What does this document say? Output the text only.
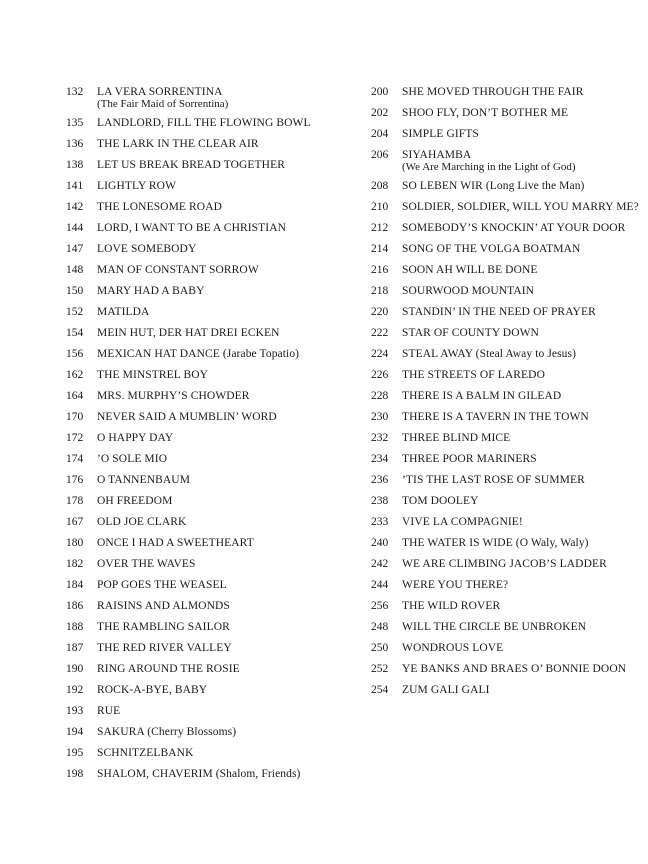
132	LA VERA SORRENTINA
(The Fair Maid of Sorrentina)
135	LANDLORD, FILL THE FLOWING BOWL
136	THE LARK IN THE CLEAR AIR
138	LET US BREAK BREAD TOGETHER
141	LIGHTLY ROW
142	THE LONESOME ROAD
144	LORD, I WANT TO BE A CHRISTIAN
147	LOVE SOMEBODY
148	MAN OF CONSTANT SORROW
150	MARY HAD A BABY
152	MATILDA
154	MEIN HUT, DER HAT DREI ECKEN
156	MEXICAN HAT DANCE (Jarabe Topatio)
162	THE MINSTREL BOY
164	MRS. MURPHY’S CHOWDER
170	NEVER SAID A MUMBLIN’ WORD
172	O HAPPY DAY
174	’O SOLE MIO
176	O TANNENBAUM
178	OH FREEDOM
167	OLD JOE CLARK
180	ONCE I HAD A SWEETHEART
182	OVER THE WAVES
184	POP GOES THE WEASEL
186	RAISINS AND ALMONDS
188	THE RAMBLING SAILOR
187	THE RED RIVER VALLEY
190	RING AROUND THE ROSIE
192	ROCK-A-BYE, BABY
193	RUE
194	SAKURA (Cherry Blossoms)
195	SCHNITZELBANK
198	SHALOM, CHAVERIM (Shalom, Friends)
200	SHE MOVED THROUGH THE FAIR
202	SHOO FLY, DON’T BOTHER ME
204	SIMPLE GIFTS
206	SIYAHAMBA
(We Are Marching in the Light of God)
208	SO LEBEN WIR (Long Live the Man)
210	SOLDIER, SOLDIER, WILL YOU MARRY ME?
212	SOMEBODY’S KNOCKIN’ AT YOUR DOOR
214	SONG OF THE VOLGA BOATMAN
216	SOON AH WILL BE DONE
218	SOURWOOD MOUNTAIN
220	STANDIN’ IN THE NEED OF PRAYER
222	STAR OF COUNTY DOWN
224	STEAL AWAY (Steal Away to Jesus)
226	THE STREETS OF LAREDO
228	THERE IS A BALM IN GILEAD
230	THERE IS A TAVERN IN THE TOWN
232	THREE BLIND MICE
234	THREE POOR MARINERS
236	’TIS THE LAST ROSE OF SUMMER
238	TOM DOOLEY
233	VIVE LA COMPAGNIE!
240	THE WATER IS WIDE (O Waly, Waly)
242	WE ARE CLIMBING JACOB’S LADDER
244	WERE YOU THERE?
256	THE WILD ROVER
248	WILL THE CIRCLE BE UNBROKEN
250	WONDROUS LOVE
252	YE BANKS AND BRAES O’ BONNIE DOON
254	ZUM GALI GALI
